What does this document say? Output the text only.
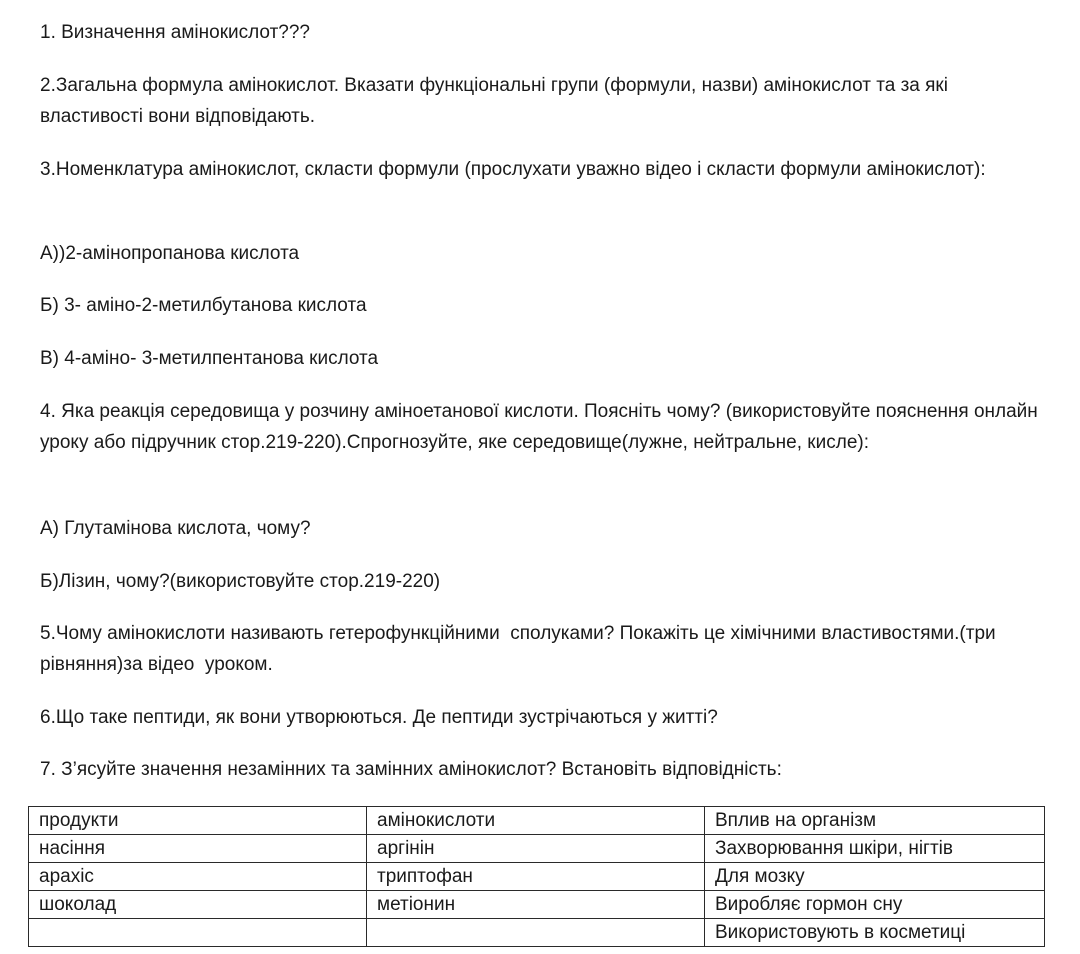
1. Визначення амінокислот???

2.Загальна формула амінокислот. Вказати функціональні групи (формули, назви) амінокислот та за які властивості вони відповідають.

3.Номенклатура амінокислот, скласти формули (прослухати уважно відео і скласти формули амінокислот):

А))2-амінопропанова кислота

Б) 3- аміно-2-метилбутанова кислота

В) 4-аміно- 3-метилпентанова кислота

4. Яка реакція середовища у розчину аміноетанової кислоти. Поясніть чому? (використовуйте пояснення онлайн уроку або підручник стор.219-220).Спрогнозуйте, яке середовище(лужне, нейтральне, кисле):

А) Глутамінова кислота, чому?

Б)Лізин, чому?(використовуйте стор.219-220)

5.Чому амінокислоти називають гетерофункційними  сполуками? Покажіть це хімічними властивостями.(три рівняння)за відео  уроком.

6.Що таке пептиди, як вони утворюються. Де пептиди зустрічаються у житті?

7. З’ясуйте значення незамінних та замінних амінокислот? Встановіть відповідність:

продукти	амінокислоти	Вплив на організм
насіння	аргінін	Захворювання шкіри, нігтів
арахіс	триптофан	Для мозку
шоколад	метіонин	Виробляє гормон сну
		Використовують в косметиці
